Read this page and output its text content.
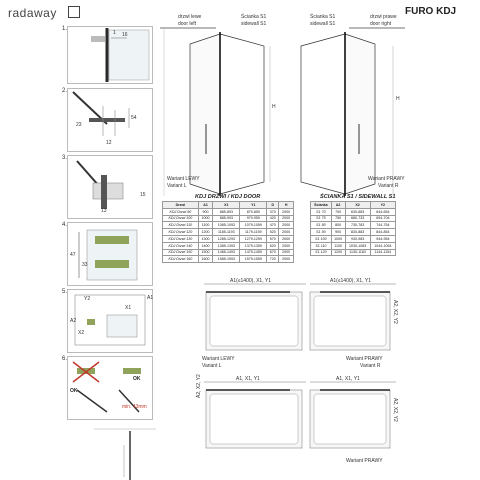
radaway	FURO KDJ
1.
16
1
2.
23
54
12
3.
13
15
4.
47
33
5.
A1
X1
Y2
A2
X2
6.
OK
OK
min. 43mm
drzwi lewe
door left
Ścianka S1
sidewall S1
H
Wariant LEWY
Variant L
Ścianka S1
sidewall S1
drzwi prawe
door right
H
Wariant PRAWY
Variant R
KDJ DRZWI / KDJ DOOR
Drzwi	A1	X1	Y1	D	H
KDJ Drzwi 90	900	885-893	879-859	370	2000
KDJ Drzwi 100	1000	885-993	979-959	420	2000
KDJ Drzwi 110	1100	1085-1093	1079-1059	470	2000
KDJ Drzwi 120	1200	1185-1193	1179-1159	520	2000
KDJ Drzwi 130	1300	1285-1293	1279-1259	570	2000
KDJ Drzwi 140	1400	1385-1393	1379-1359	620	2000
KDJ Drzwi 150	1500	1485-1493	1479-1459	670	2000
KDJ Drzwi 160	1600	1585-1593	1579-1559	720	2000
ŚCIANKA S1 / SIDEWALL S1
Ścianka	A2	X2	Y2
S1 70	700	630-683	644-654
S1 75	750	680-733	694-704
S1 80	800	730-783	744-754
S1 90	900	830-883	844-854
S1 100	1000	930-983	944-954
S1 110	1100	1030-1083	1044-1054
S1 120	1200	1130-1183	1144-1154
A1(≤1400), X1, Y1
Wariant LEWY
Variant L
A1(≤1400), X1, Y1
A2, X2, Y2
Wariant PRAWY
Variant R
A1, X1, Y1
A2, X2, Y2	A1, X1, Y1
A2, X2, Y2
Wariant PRAWY
